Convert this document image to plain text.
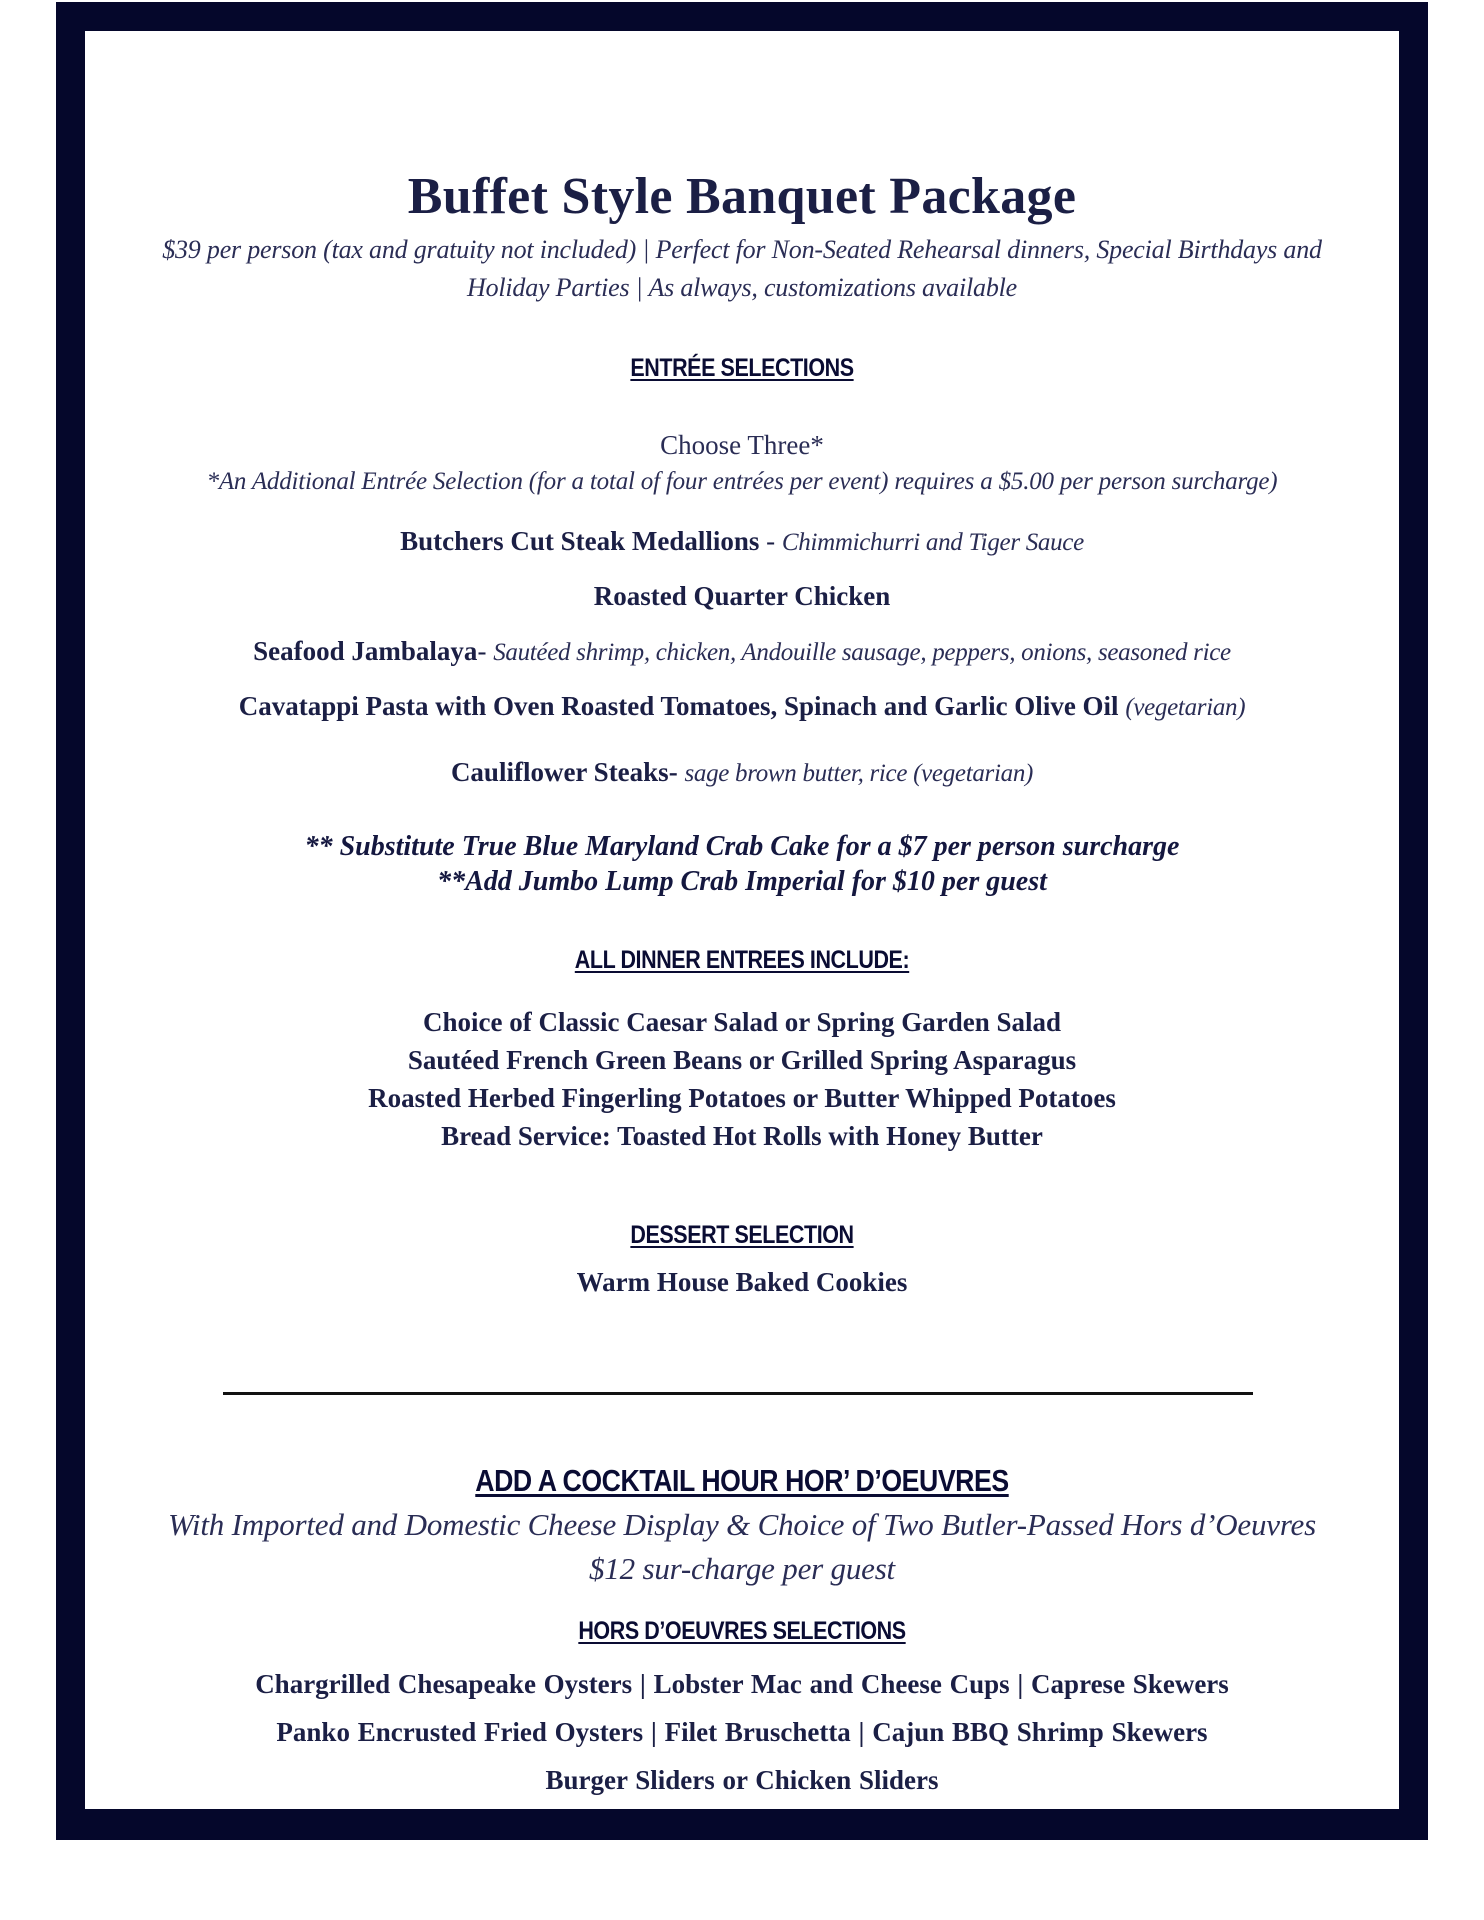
Buffet Style Banquet Package

$39 per person (tax and gratuity not included) | Perfect for Non-Seated Rehearsal dinners, Special Birthdays and

Holiday Parties | As always, customizations available

ENTRÉE SELECTIONS

Choose Three*

*An Additional Entrée Selection (for a total of four entrées per event) requires a $5.00 per person surcharge)

Butchers Cut Steak Medallions - Chimmichurri and Tiger Sauce

Roasted Quarter Chicken

Seafood Jambalaya- Sautéed shrimp, chicken, Andouille sausage, peppers, onions, seasoned rice

Cavatappi Pasta with Oven Roasted Tomatoes, Spinach and Garlic Olive Oil (vegetarian)

Cauliflower Steaks- sage brown butter, rice (vegetarian)

** Substitute True Blue Maryland Crab Cake for a $7 per person surcharge

**Add Jumbo Lump Crab Imperial for $10 per guest

ALL DINNER ENTREES INCLUDE:

Choice of Classic Caesar Salad or Spring Garden Salad

Sautéed French Green Beans or Grilled Spring Asparagus

Roasted Herbed Fingerling Potatoes or Butter Whipped Potatoes

Bread Service: Toasted Hot Rolls with Honey Butter

DESSERT SELECTION

Warm House Baked Cookies

ADD A COCKTAIL HOUR HOR’ D’OEUVRES

With Imported and Domestic Cheese Display & Choice of Two Butler-Passed Hors d’Oeuvres

$12 sur-charge per guest

HORS D’OEUVRES SELECTIONS

Chargrilled Chesapeake Oysters | Lobster Mac and Cheese Cups | Caprese Skewers

Panko Encrusted Fried Oysters | Filet Bruschetta | Cajun BBQ Shrimp Skewers

Burger Sliders or Chicken Sliders
